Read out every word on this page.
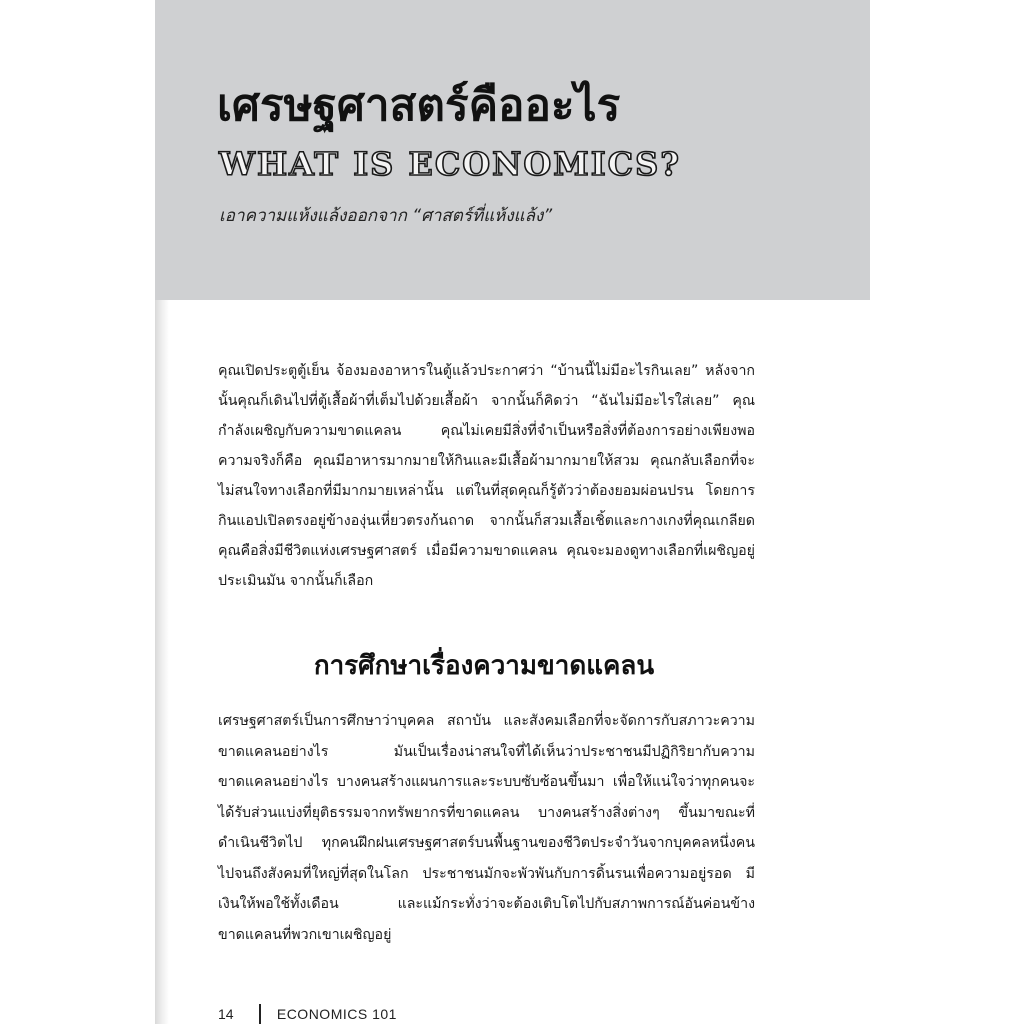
เศรษฐศาสตร์คืออะไร
WHAT IS ECONOMICS?
เอาความแห้งแล้งออกจาก “ศาสตร์ที่แห้งแล้ง”

คุณเปิดประตูตู้เย็น จ้องมองอาหารในตู้แล้วประกาศว่า “บ้านนี้ไม่มีอะไรกินเลย” หลังจากนั้นคุณก็เดินไปที่ตู้เสื้อผ้าที่เต็มไปด้วยเสื้อผ้า จากนั้นก็คิดว่า “ฉันไม่มีอะไรใส่เลย” คุณกำลังเผชิญกับความขาดแคลน คุณไม่เคยมีสิ่งที่จำเป็นหรือสิ่งที่ต้องการอย่างเพียงพอ ความจริงก็คือ คุณมีอาหารมากมายให้กินและมีเสื้อผ้ามากมายให้สวม คุณกลับเลือกที่จะไม่สนใจทางเลือกที่มีมากมายเหล่านั้น แต่ในที่สุดคุณก็รู้ตัวว่าต้องยอมผ่อนปรน โดยการกินแอปเปิลตรงอยู่ข้างองุ่นเหี่ยวตรงก้นถาด จากนั้นก็สวมเสื้อเชิ้ตและกางเกงที่คุณเกลียด คุณคือสิ่งมีชีวิตแห่งเศรษฐศาสตร์ เมื่อมีความขาดแคลน คุณจะมองดูทางเลือกที่เผชิญอยู่ ประเมินมัน จากนั้นก็เลือก

การศึกษาเรื่องความขาดแคลน

เศรษฐศาสตร์เป็นการศึกษาว่าบุคคล สถาบัน และสังคมเลือกที่จะจัดการกับสภาวะความขาดแคลนอย่างไร มันเป็นเรื่องน่าสนใจที่ได้เห็นว่าประชาชนมีปฏิกิริยากับความขาดแคลนอย่างไร บางคนสร้างแผนการและระบบซับซ้อนขึ้นมา เพื่อให้แน่ใจว่าทุกคนจะได้รับส่วนแบ่งที่ยุติธรรมจากทรัพยากรที่ขาดแคลน บางคนสร้างสิ่งต่างๆ ขึ้นมาขณะที่ดำเนินชีวิตไป ทุกคนฝึกฝนเศรษฐศาสตร์บนพื้นฐานของชีวิตประจำวันจากบุคคลหนึ่งคนไปจนถึงสังคมที่ใหญ่ที่สุดในโลก ประชาชนมักจะพัวพันกับการดิ้นรนเพื่อความอยู่รอด มีเงินให้พอใช้ทั้งเดือน และแม้กระทั่งว่าจะต้องเติบโตไปกับสภาพการณ์อันค่อนข้างขาดแคลนที่พวกเขาเผชิญอยู่

14	ECONOMICS 101
